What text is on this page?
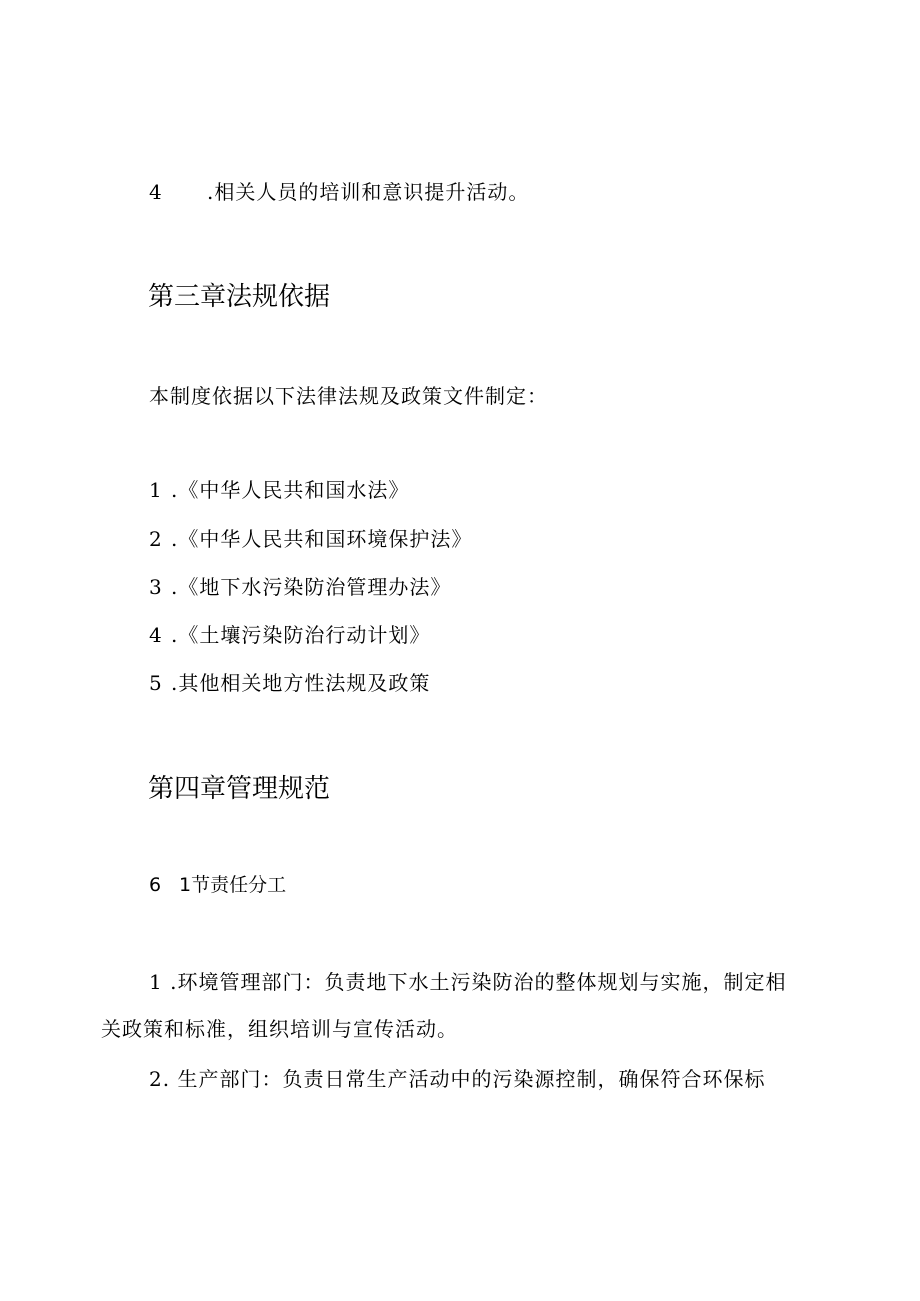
4 .相关人员的培训和意识提升活动。
第三章法规依据
本制度依据以下法律法规及政策文件制定：
1 .《中华人民共和国水法》
2 .《中华人民共和国环境保护法》
3 .《地下水污染防治管理办法》
4 .《土壤污染防治行动计划》
5 .其他相关地方性法规及政策
第四章管理规范
6 1节责任分工
1 .环境管理部门：负责地下水土污染防治的整体规划与实施，制定相
关政策和标准，组织培训与宣传活动。
2. 生产部门：负责日常生产活动中的污染源控制，确保符合环保标
